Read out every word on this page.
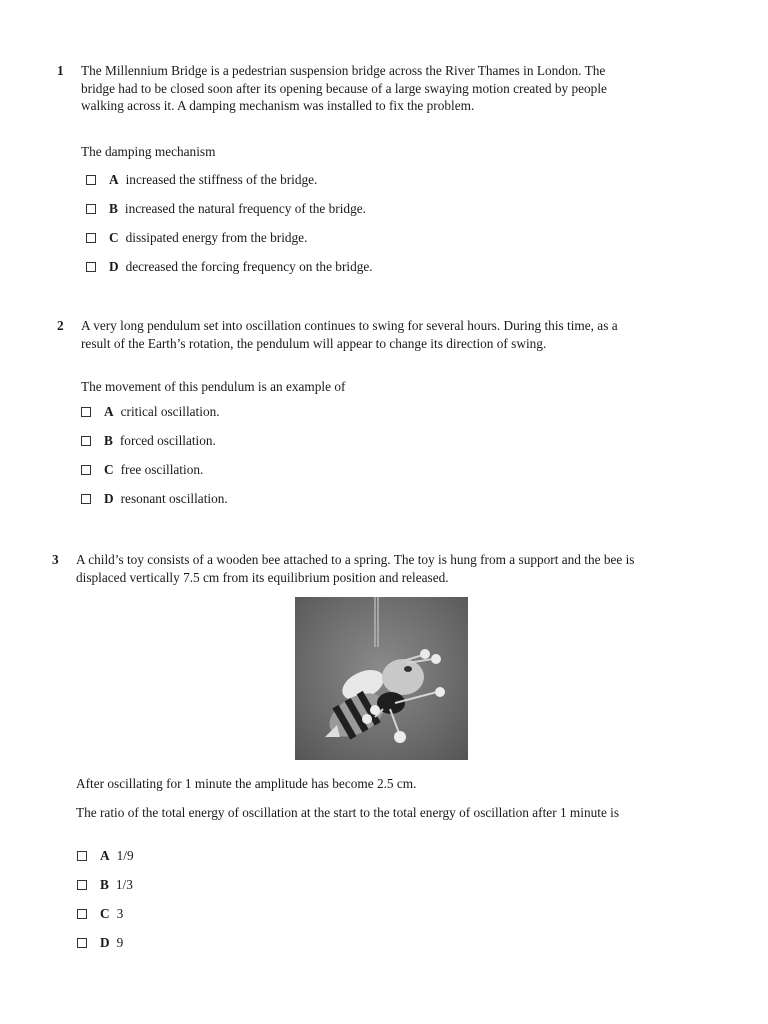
1 The Millennium Bridge is a pedestrian suspension bridge across the River Thames in London. The bridge had to be closed soon after its opening because of a large swaying motion created by people walking across it. A damping mechanism was installed to fix the problem.
The damping mechanism
A increased the stiffness of the bridge.
B increased the natural frequency of the bridge.
C dissipated energy from the bridge.
D decreased the forcing frequency on the bridge.
2 A very long pendulum set into oscillation continues to swing for several hours. During this time, as a result of the Earth’s rotation, the pendulum will appear to change its direction of swing.
The movement of this pendulum is an example of
A critical oscillation.
B forced oscillation.
C free oscillation.
D resonant oscillation.
3 A child’s toy consists of a wooden bee attached to a spring. The toy is hung from a support and the bee is displaced vertically 7.5 cm from its equilibrium position and released.
After oscillating for 1 minute the amplitude has become 2.5 cm.
The ratio of the total energy of oscillation at the start to the total energy of oscillation after 1 minute is
A 1/9
B 1/3
C 3
D 9
